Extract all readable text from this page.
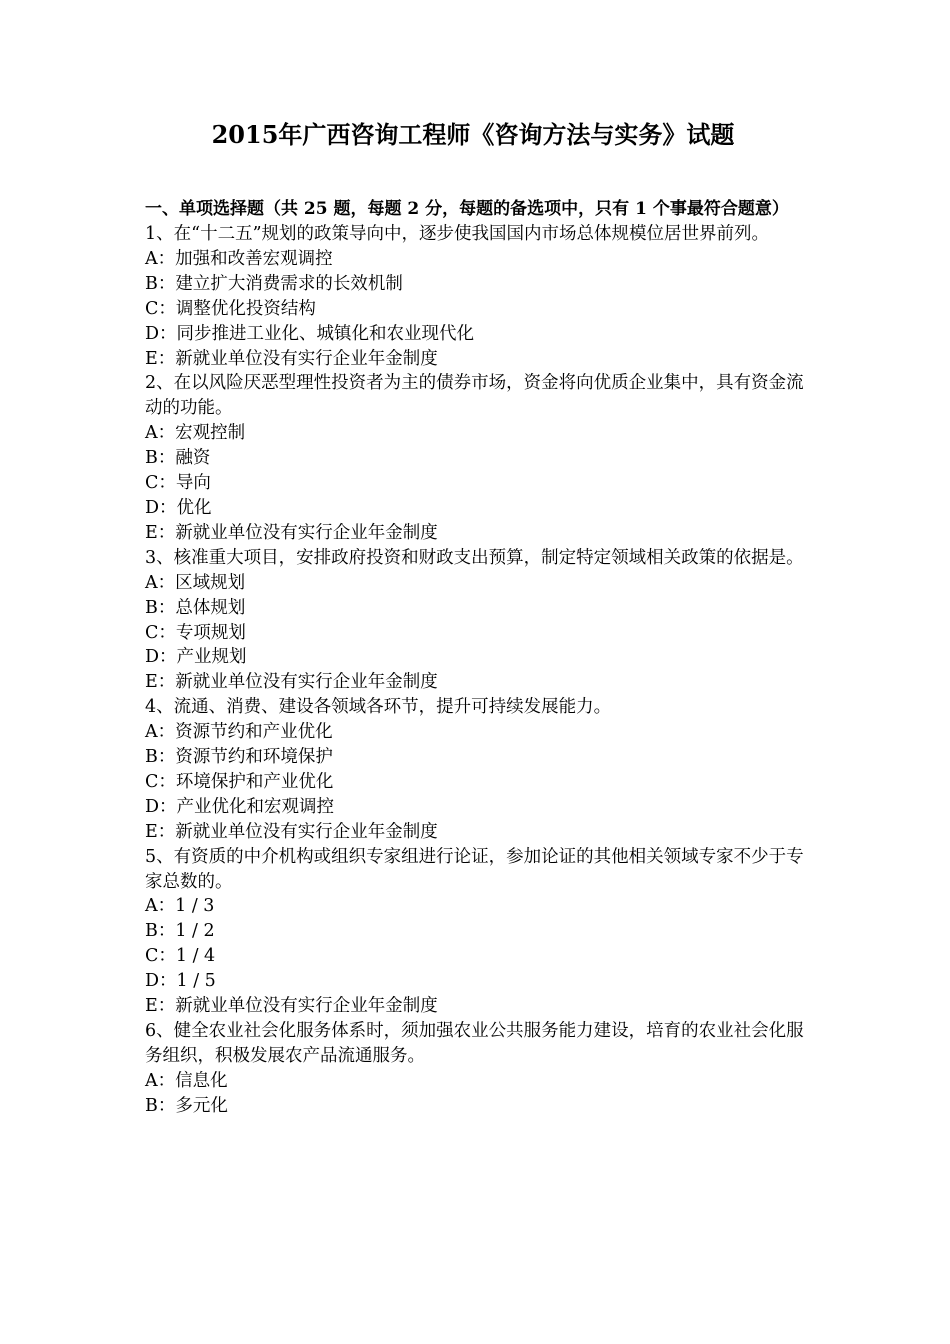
2015年广西咨询工程师《咨询方法与实务》试题
一、单项选择题（共 25 题，每题 2 分，每题的备选项中，只有 1 个事最符合题意）
1、在“十二五”规划的政策导向中，逐步使我国国内市场总体规模位居世界前列。
A：加强和改善宏观调控
B：建立扩大消费需求的长效机制
C：调整优化投资结构
D：同步推进工业化、城镇化和农业现代化
E：新就业单位没有实行企业年金制度
2、在以风险厌恶型理性投资者为主的债券市场，资金将向优质企业集中，具有资金流动的功能。
A：宏观控制
B：融资
C：导向
D：优化
E：新就业单位没有实行企业年金制度
3、核准重大项目，安排政府投资和财政支出预算，制定特定领域相关政策的依据是。
A：区域规划
B：总体规划
C：专项规划
D：产业规划
E：新就业单位没有实行企业年金制度
4、流通、消费、建设各领域各环节，提升可持续发展能力。
A：资源节约和产业优化
B：资源节约和环境保护
C：环境保护和产业优化
D：产业优化和宏观调控
E：新就业单位没有实行企业年金制度
5、有资质的中介机构或组织专家组进行论证，参加论证的其他相关领域专家不少于专家总数的。
A：1 / 3
B：1 / 2
C：1 / 4
D：1 / 5
E：新就业单位没有实行企业年金制度
6、健全农业社会化服务体系时，须加强农业公共服务能力建设，培育的农业社会化服务组织，积极发展农产品流通服务。
A：信息化
B：多元化
